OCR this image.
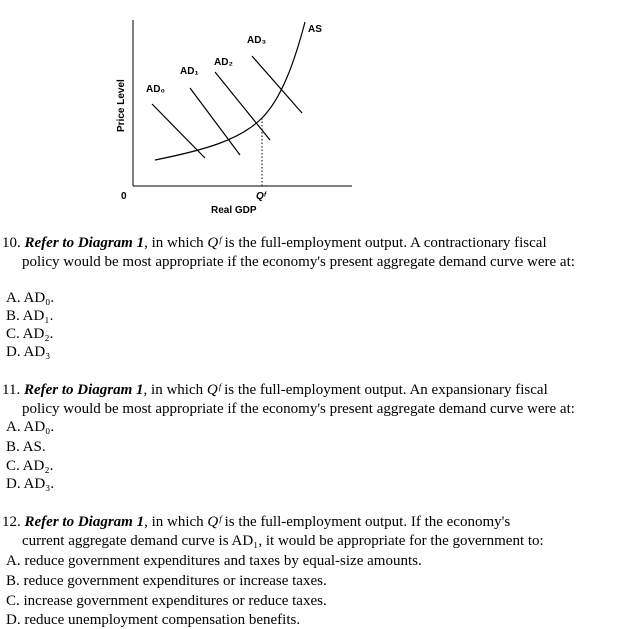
AD₀
AD₁
AD₂
AD₃
AS
Price Level
0	Qᶠ
Real GDP
10. Refer to Diagram 1, in which Qᶠ is the full-employment output. A contractionary fiscal
policy would be most appropriate if the economy's present aggregate demand curve were at:
A. AD₀.
B. AD₁.
C. AD₂.
D. AD₃
11. Refer to Diagram 1, in which Qᶠ is the full-employment output. An expansionary fiscal
policy would be most appropriate if the economy's present aggregate demand curve were at:
A. AD₀.
B. AS.
C. AD₂.
D. AD₃.
12. Refer to Diagram 1, in which Qᶠ is the full-employment output. If the economy's
current aggregate demand curve is AD₁, it would be appropriate for the government to:
A. reduce government expenditures and taxes by equal-size amounts.
B. reduce government expenditures or increase taxes.
C. increase government expenditures or reduce taxes.
D. reduce unemployment compensation benefits.
